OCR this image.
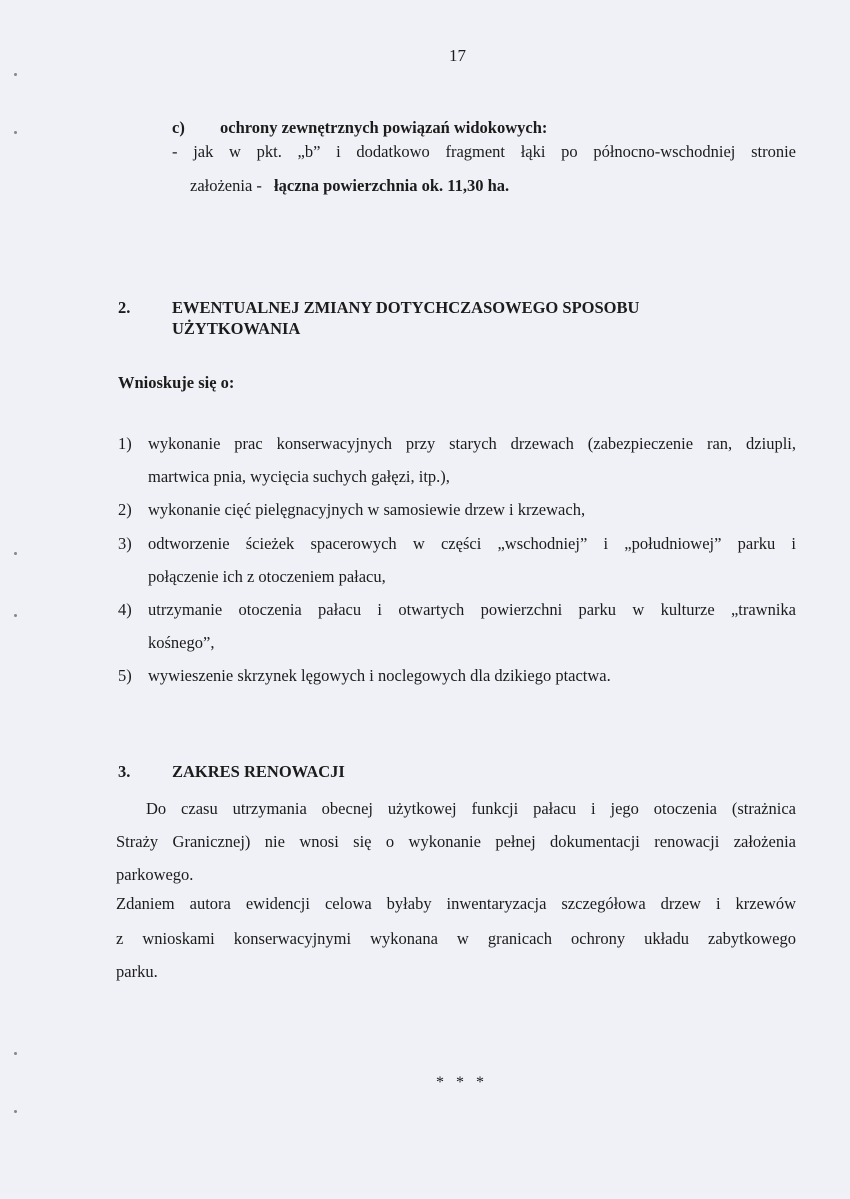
17
c) ochrony zewnętrznych powiązań widokowych:
- jak w pkt. „b” i dodatkowo fragment łąki po północno-wschodniej stronie
założenia - łączna powierzchnia ok. 11,30 ha.
2.	EWENTUALNEJ ZMIANY DOTYCHCZASOWEGO SPOSOBU
UŻYTKOWANIA
Wnioskuje się o:
1) wykonanie prac konserwacyjnych przy starych drzewach (zabezpieczenie ran, dziupli,
martwica pnia, wycięcia suchych gałęzi, itp.),
2) wykonanie cięć pielęgnacyjnych w samosiewie drzew i krzewach,
3) odtworzenie ścieżek spacerowych w części „wschodniej” i „południowej” parku i
połączenie ich z otoczeniem pałacu,
4) utrzymanie otoczenia pałacu i otwartych powierzchni parku w kulturze „trawnika
kośnego”,
5) wywieszenie skrzynek lęgowych i noclegowych dla dzikiego ptactwa.
3.	ZAKRES RENOWACJI
Do czasu utrzymania obecnej użytkowej funkcji pałacu i jego otoczenia (strażnica
Straży Granicznej) nie wnosi się o wykonanie pełnej dokumentacji renowacji założenia
parkowego.
Zdaniem autora ewidencji celowa byłaby inwentaryzacja szczegółowa drzew i krzewów
z wnioskami konserwacyjnymi wykonana w granicach ochrony układu zabytkowego
parku.
* * *
